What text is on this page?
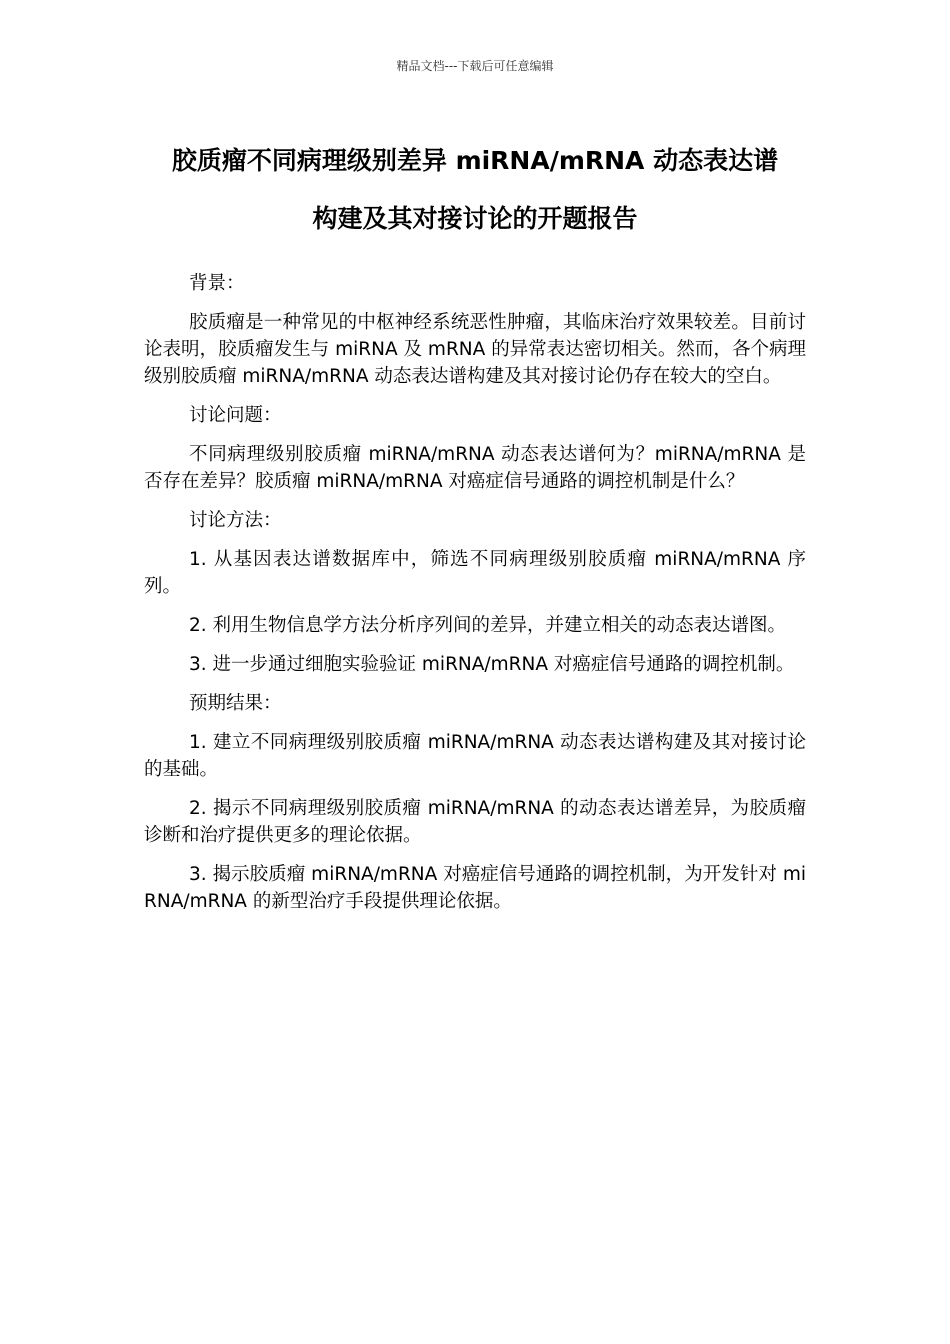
精品文档---下载后可任意编辑
胶质瘤不同病理级别差异 miRNA/mRNA 动态表达谱
构建及其对接讨论的开题报告

背景：

胶质瘤是一种常见的中枢神经系统恶性肿瘤，其临床治疗效果较差。目前讨论表明，胶质瘤发生与 miRNA 及 mRNA 的异常表达密切相关。然而，各个病理级别胶质瘤 miRNA/mRNA 动态表达谱构建及其对接讨论仍存在较大的空白。

讨论问题：

不同病理级别胶质瘤 miRNA/mRNA 动态表达谱何为？miRNA/mRNA 是否存在差异？胶质瘤 miRNA/mRNA 对癌症信号通路的调控机制是什么？

讨论方法：

1. 从基因表达谱数据库中，筛选不同病理级别胶质瘤 miRNA/mRNA 序列。

2. 利用生物信息学方法分析序列间的差异，并建立相关的动态表达谱图。

3. 进一步通过细胞实验验证 miRNA/mRNA 对癌症信号通路的调控机制。

预期结果：

1. 建立不同病理级别胶质瘤 miRNA/mRNA 动态表达谱构建及其对接讨论的基础。

2. 揭示不同病理级别胶质瘤 miRNA/mRNA 的动态表达谱差异，为胶质瘤诊断和治疗提供更多的理论依据。

3. 揭示胶质瘤 miRNA/mRNA 对癌症信号通路的调控机制，为开发针对 miRNA/mRNA 的新型治疗手段提供理论依据。
